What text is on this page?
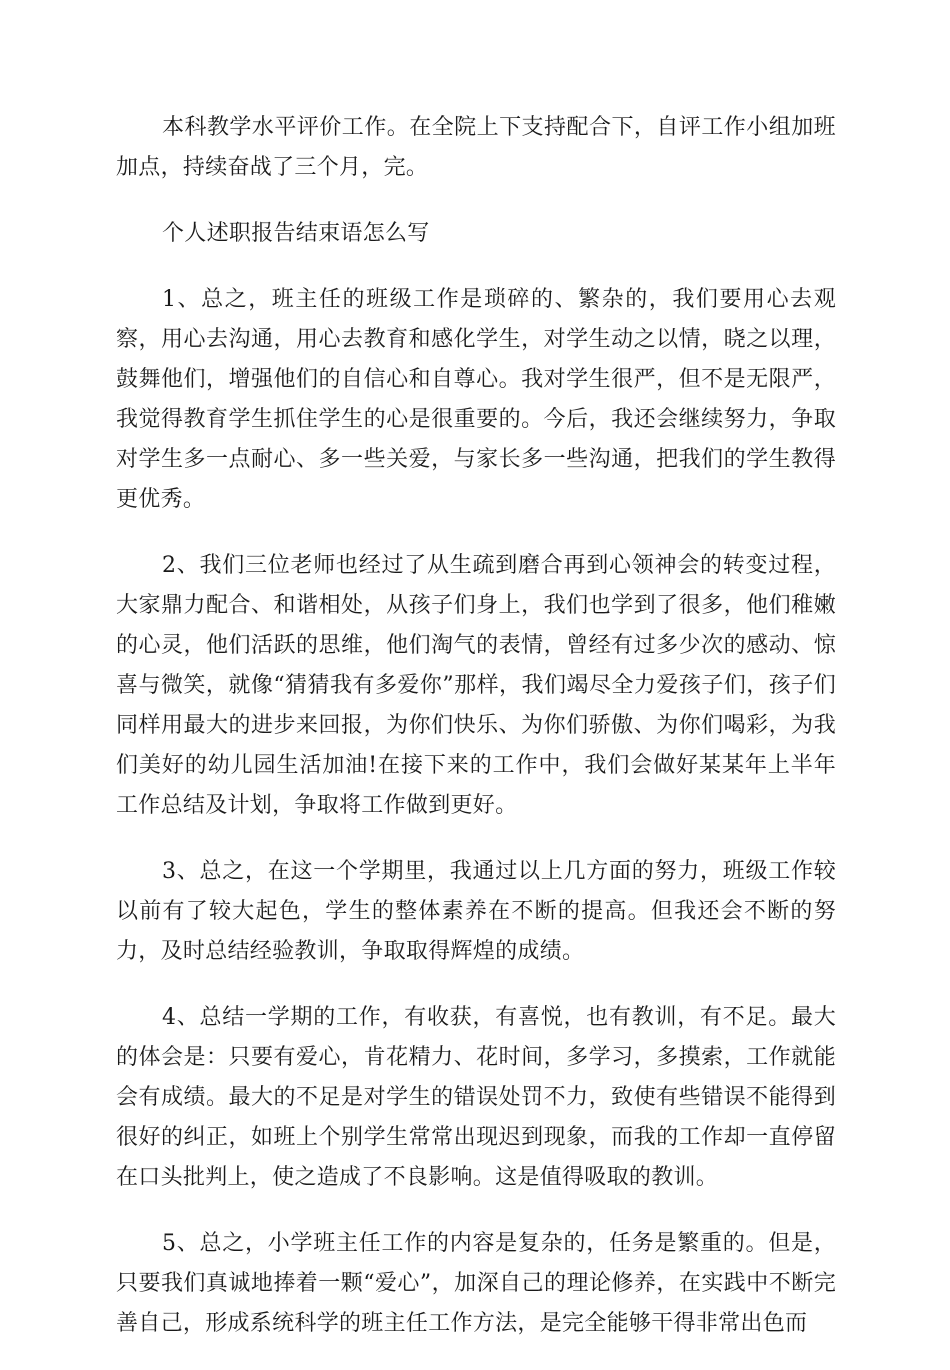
本科教学水平评价工作。在全院上下支持配合下，自评工作小组加班加点，持续奋战了三个月，完。

个人述职报告结束语怎么写

1、总之，班主任的班级工作是琐碎的、繁杂的，我们要用心去观察，用心去沟通，用心去教育和感化学生，对学生动之以情，晓之以理，鼓舞他们，增强他们的自信心和自尊心。我对学生很严，但不是无限严，我觉得教育学生抓住学生的心是很重要的。今后，我还会继续努力，争取对学生多一点耐心、多一些关爱，与家长多一些沟通，把我们的学生教得更优秀。

2、我们三位老师也经过了从生疏到磨合再到心领神会的转变过程，大家鼎力配合、和谐相处，从孩子们身上，我们也学到了很多，他们稚嫩的心灵，他们活跃的思维，他们淘气的表情，曾经有过多少次的感动、惊喜与微笑，就像“猜猜我有多爱你”那样，我们竭尽全力爱孩子们，孩子们同样用最大的进步来回报，为你们快乐、为你们骄傲、为你们喝彩，为我们美好的幼儿园生活加油!在接下来的工作中，我们会做好某某年上半年工作总结及计划，争取将工作做到更好。

3、总之，在这一个学期里，我通过以上几方面的努力，班级工作较以前有了较大起色，学生的整体素养在不断的提高。但我还会不断的努力，及时总结经验教训，争取取得辉煌的成绩。

4、总结一学期的工作，有收获，有喜悦，也有教训，有不足。最大的体会是：只要有爱心，肯花精力、花时间，多学习，多摸索，工作就能会有成绩。最大的不足是对学生的错误处罚不力，致使有些错误不能得到很好的纠正，如班上个别学生常常出现迟到现象，而我的工作却一直停留在口头批判上，使之造成了不良影响。这是值得吸取的教训。

5、总之，小学班主任工作的内容是复杂的，任务是繁重的。但是，只要我们真诚地捧着一颗“爱心”，加深自己的理论修养，在实践中不断完善自己，形成系统科学的班主任工作方法，是完全能够干得非常出色而
